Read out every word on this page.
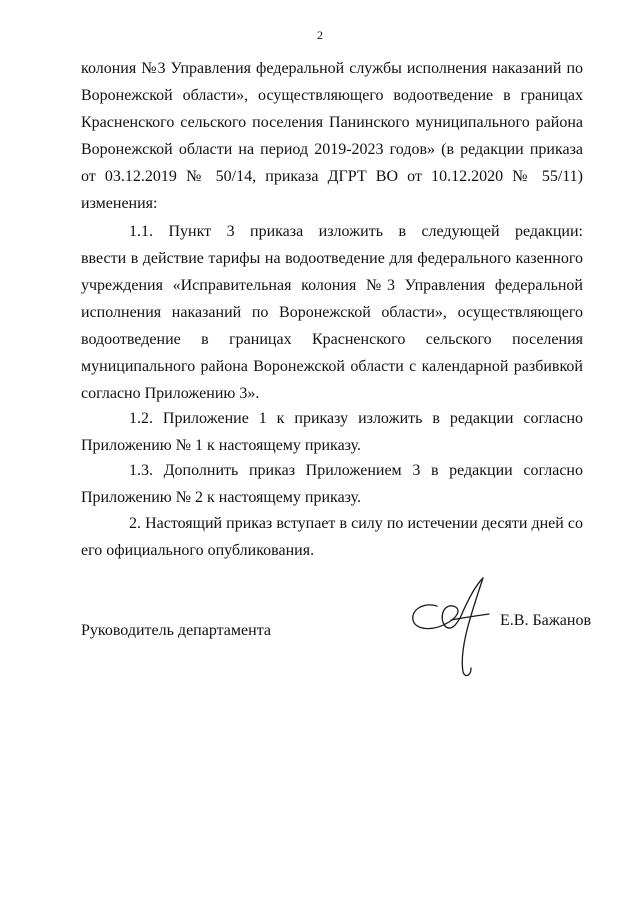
2
колония №3 Управления федеральной службы исполнения наказаний по
Воронежской области», осуществляющего водоотведение в границах
Красненского сельского поселения Панинского муниципального района
Воронежской области на период 2019-2023 годов» (в редакции приказа
от 03.12.2019 № 50/14, приказа ДГРТ ВО от 10.12.2020 № 55/11)
изменения:
1.1. Пункт 3 приказа изложить в следующей редакции:
ввести в действие тарифы на водоотведение для федерального казенного
учреждения «Исправительная колония №3 Управления федеральной
исполнения наказаний по Воронежской области», осуществляющего
водоотведение в границах Красненского сельского поселения
муниципального района Воронежской области с календарной разбивкой
согласно Приложению 3».
1.2. Приложение 1 к приказу изложить в редакции согласно
Приложению № 1 к настоящему приказу.
1.3. Дополнить приказ Приложением 3 в редакции согласно
Приложению № 2 к настоящему приказу.
2. Настоящий приказ вступает в силу по истечении десяти дней со
его официального опубликования.
Руководитель департамента
Е.В. Бажанов
